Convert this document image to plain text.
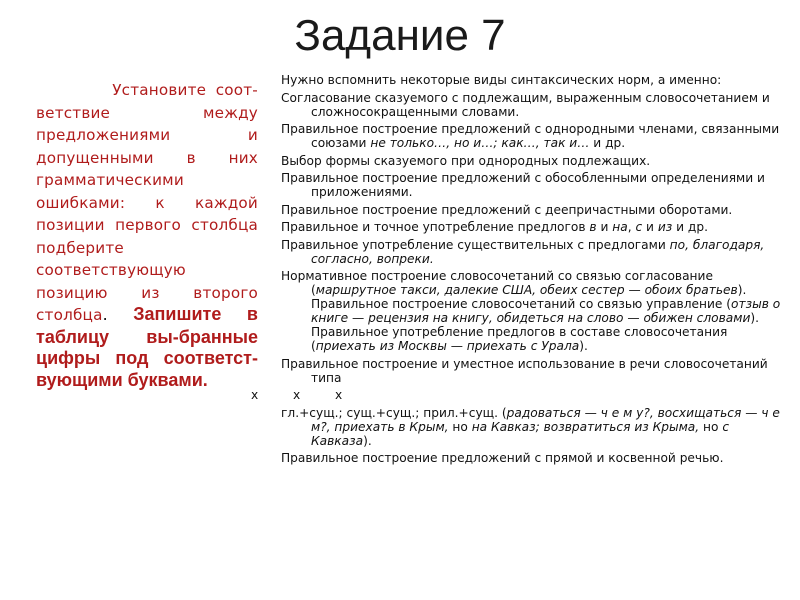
Задание 7
Установите соот-ветствие между предложениями и допущенными в них грамматическими ошибками: к каждой позиции первого столбца подберите соответствующую позицию из второго столбца. Запишите в таблицу вы-бранные цифры под соответст-вующими буквами.

Нужно вспомнить некоторые виды синтаксических норм, а именно:

Согласование сказуемого с подлежащим, выраженным словосочетанием и сложносокращенными словами.

Правильное построение предложений с однородными членами, связанными союзами не только…, но и…; как…, так и… и др.

Выбор формы сказуемого при однородных подлежащих.

Правильное построение предложений с обособленными определениями и приложениями.

Правильное построение предложений с деепричастными оборотами.

Правильное и точное употребление предлогов в и на, с и из и др.

Правильное употребление существительных с предлогами по, благодаря, согласно, вопреки.

Нормативное построение словосочетаний со связью согласование (маршрутное такси, далекие США, обеих сестер — обоих братьев). Правильное построение словосочетаний со связью управление (отзыв о книге — рецензия на книгу, обидеться на слово — обижен словами). Правильное употребление предлогов в составе словосочетания (приехать из Москвы — приехать с Урала).

Правильное построение и уместное использование в речи словосочетаний типа

х	х	х

гл.+сущ.; сущ.+сущ.; прил.+сущ. (радоваться — ч е м у?, восхищаться — ч е м?, приехать в Крым, но на Кавказ; возвратиться из Крыма, но с Кавказа).

Правильное построение предложений с прямой и косвенной речью.
